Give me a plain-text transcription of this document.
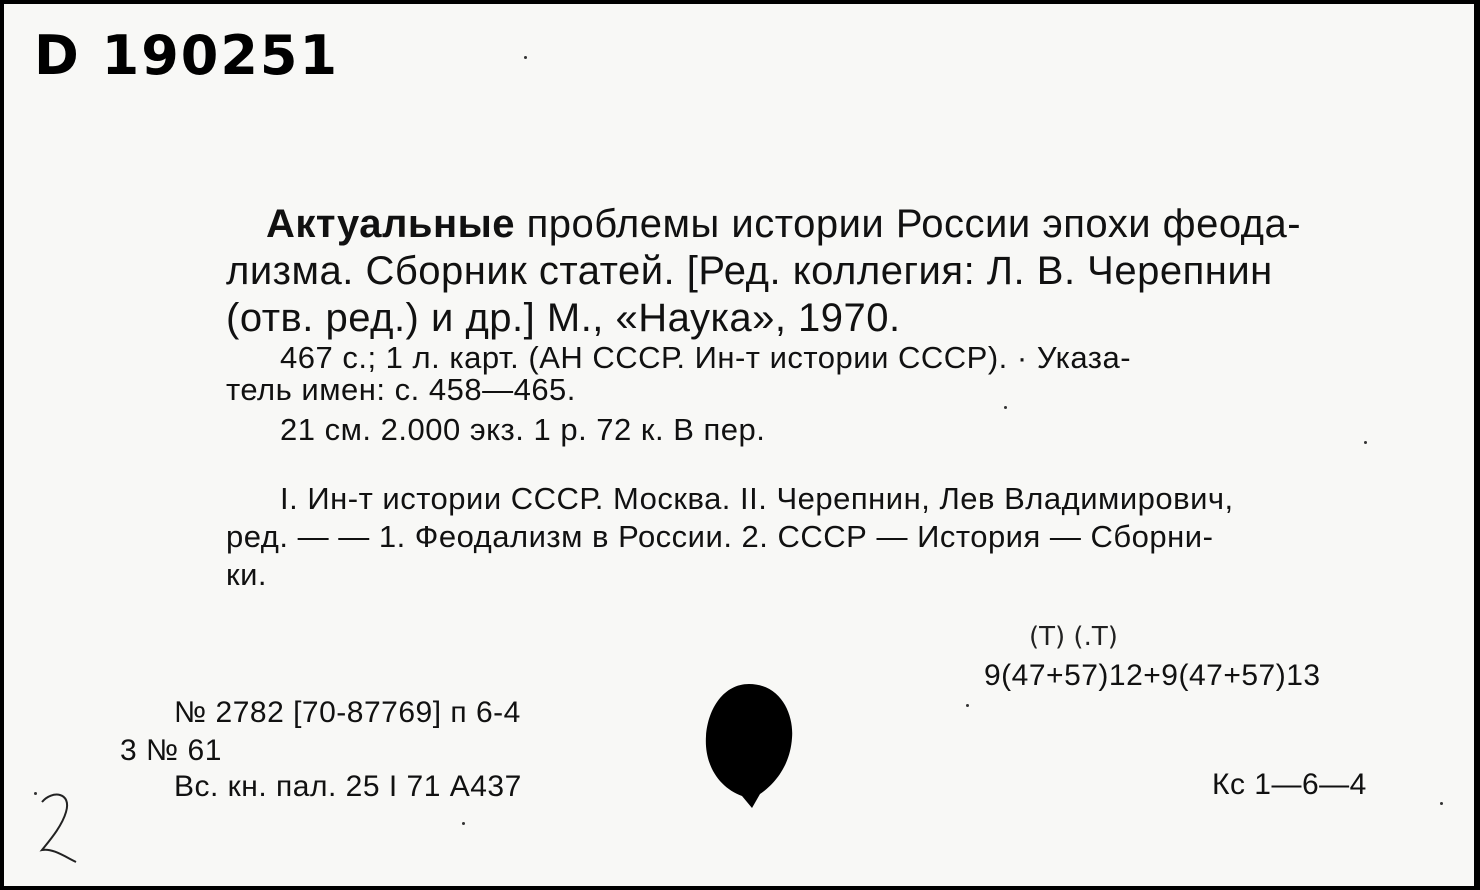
D 190251
Актуальные проблемы истории России эпохи феода-
лизма. Сборник статей. [Ред. коллегия: Л. В. Черепнин
(отв. ред.) и др.] М., «Наука», 1970.
467 с.; 1 л. карт. (АН СССР. Ин-т истории СССР). · Указа-
тель имен: с. 458—465.
21 см. 2.000 экз. 1 р. 72 к. В пер.
I. Ин-т истории СССР. Москва. II. Черепнин, Лев Владимирович,
ред. — — 1. Феодализм в России. 2. СССР — История — Сборни-
ки.
(Т) (.Т)
9(47+57)12+9(47+57)13
№ 2782 [70-87769] п 6-4
3 № 61
Вс. кн. пал. 25 I 71 А437	Кс 1—6—4
